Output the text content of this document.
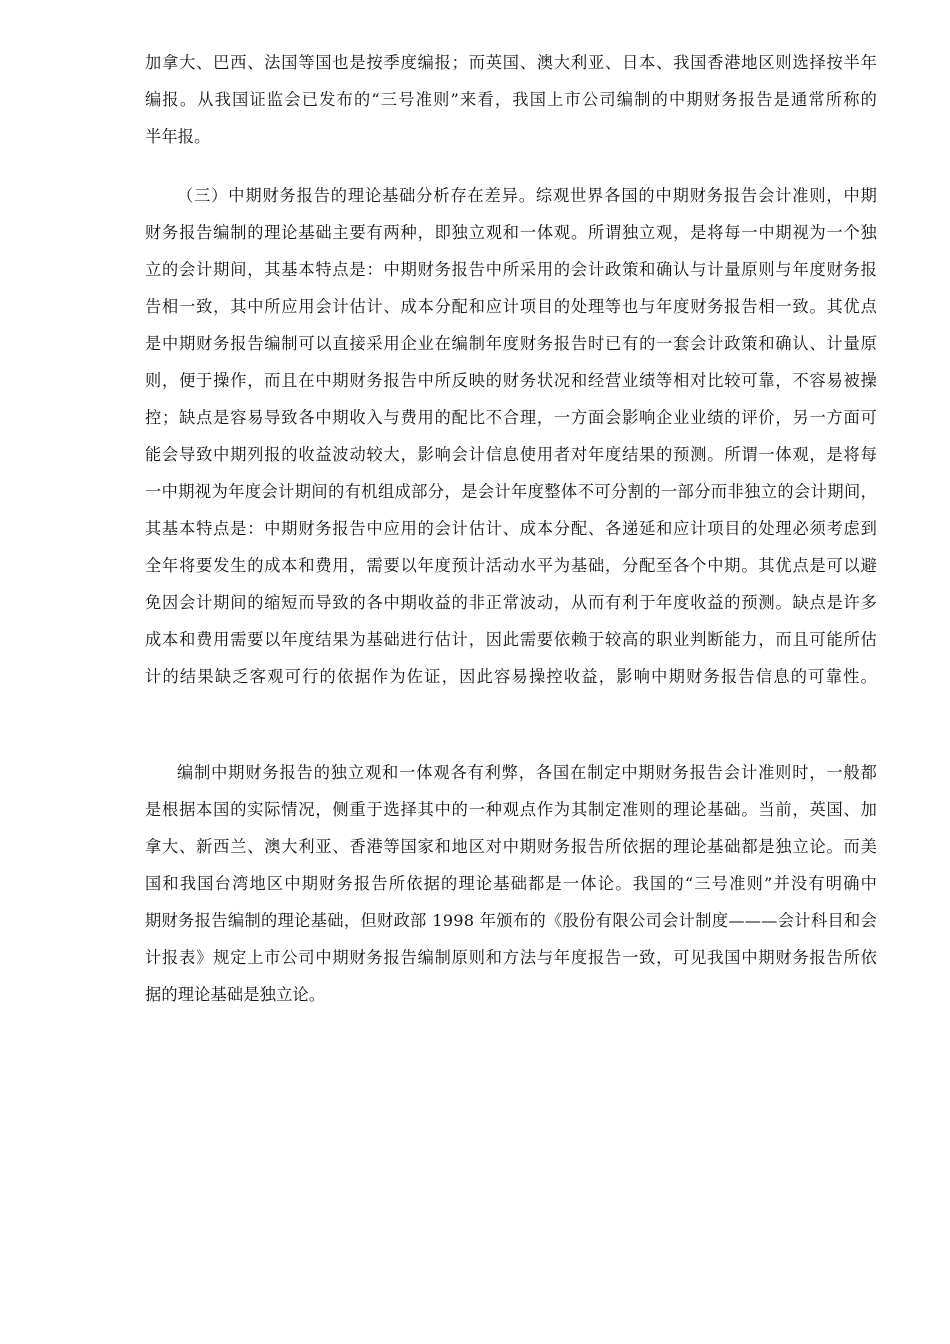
加拿大、巴西、法国等国也是按季度编报；而英国、澳大利亚、日本、我国香港地区则选择按半年
编报。从我国证监会已发布的“三号准则”来看，我国上市公司编制的中期财务报告是通常所称的
半年报。
（三）中期财务报告的理论基础分析存在差异。综观世界各国的中期财务报告会计准则，中期
财务报告编制的理论基础主要有两种，即独立观和一体观。所谓独立观，是将每一中期视为一个独
立的会计期间，其基本特点是：中期财务报告中所采用的会计政策和确认与计量原则与年度财务报
告相一致，其中所应用会计估计、成本分配和应计项目的处理等也与年度财务报告相一致。其优点
是中期财务报告编制可以直接采用企业在编制年度财务报告时已有的一套会计政策和确认、计量原
则，便于操作，而且在中期财务报告中所反映的财务状况和经营业绩等相对比较可靠，不容易被操
控；缺点是容易导致各中期收入与费用的配比不合理，一方面会影响企业业绩的评价，另一方面可
能会导致中期列报的收益波动较大，影响会计信息使用者对年度结果的预测。所谓一体观，是将每
一中期视为年度会计期间的有机组成部分，是会计年度整体不可分割的一部分而非独立的会计期间，
其基本特点是：中期财务报告中应用的会计估计、成本分配、各递延和应计项目的处理必须考虑到
全年将要发生的成本和费用，需要以年度预计活动水平为基础，分配至各个中期。其优点是可以避
免因会计期间的缩短而导致的各中期收益的非正常波动，从而有利于年度收益的预测。缺点是许多
成本和费用需要以年度结果为基础进行估计，因此需要依赖于较高的职业判断能力，而且可能所估
计的结果缺乏客观可行的依据作为佐证，因此容易操控收益，影响中期财务报告信息的可靠性。
编制中期财务报告的独立观和一体观各有利弊，各国在制定中期财务报告会计准则时，一般都
是根据本国的实际情况，侧重于选择其中的一种观点作为其制定准则的理论基础。当前，英国、加
拿大、新西兰、澳大利亚、香港等国家和地区对中期财务报告所依据的理论基础都是独立论。而美
国和我国台湾地区中期财务报告所依据的理论基础都是一体论。我国的“三号准则”并没有明确中
期财务报告编制的理论基础，但财政部 1998 年颁布的《股份有限公司会计制度———会计科目和会
计报表》规定上市公司中期财务报告编制原则和方法与年度报告一致，可见我国中期财务报告所依
据的理论基础是独立论。
